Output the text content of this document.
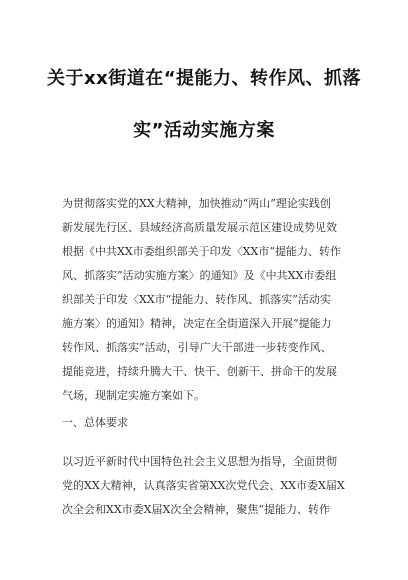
关于xx街道在“提能力、转作风、抓落
实”活动实施方案
为贯彻落实党的XX大精神，加快推动“两山”理论实践创
新发展先行区、县域经济高质量发展示范区建设成势见效
根据《中共XX市委组织部关于印发〈XX市“提能力、转作
风、抓落实”活动实施方案〉的通知》及《中共XX市委组
织部关于印发〈XX市“提能力、转作风、抓落实”活动实
施方案〉的通知》精神，决定在全街道深入开展“提能力
转作风、抓落实”活动，引导广大干部进一步转变作风、
提能竞进，持续升腾大干、快干、创新干、拼命干的发展
气场，现制定实施方案如下。
一、总体要求
以习近平新时代中国特色社会主义思想为指导，全面贯彻
党的XX大精神，认真落实省第XX次党代会、XX市委X届X
次全会和XX市委X届X次全会精神，聚焦“提能力、转作
